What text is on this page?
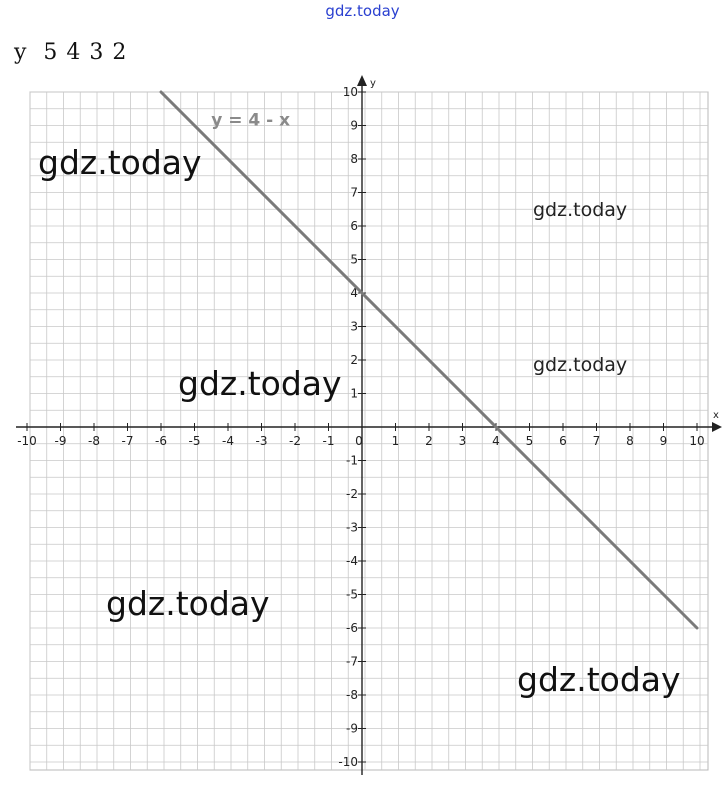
gdz.today
y  5 4 3 2
x
y
-10 -9 -8 -7 -6 -5 -4 -3 -2 -1 0 1 2 3 4 5 6 7 8 9 10
-10
-9
-8
-7
-6
-5
-4
-3
-2
-1
1
2
3
4
5
6
7
8
9
10
y = 4 - x
gdz.today
gdz.today
gdz.today	gdz.today
gdz.today
gdz.today
